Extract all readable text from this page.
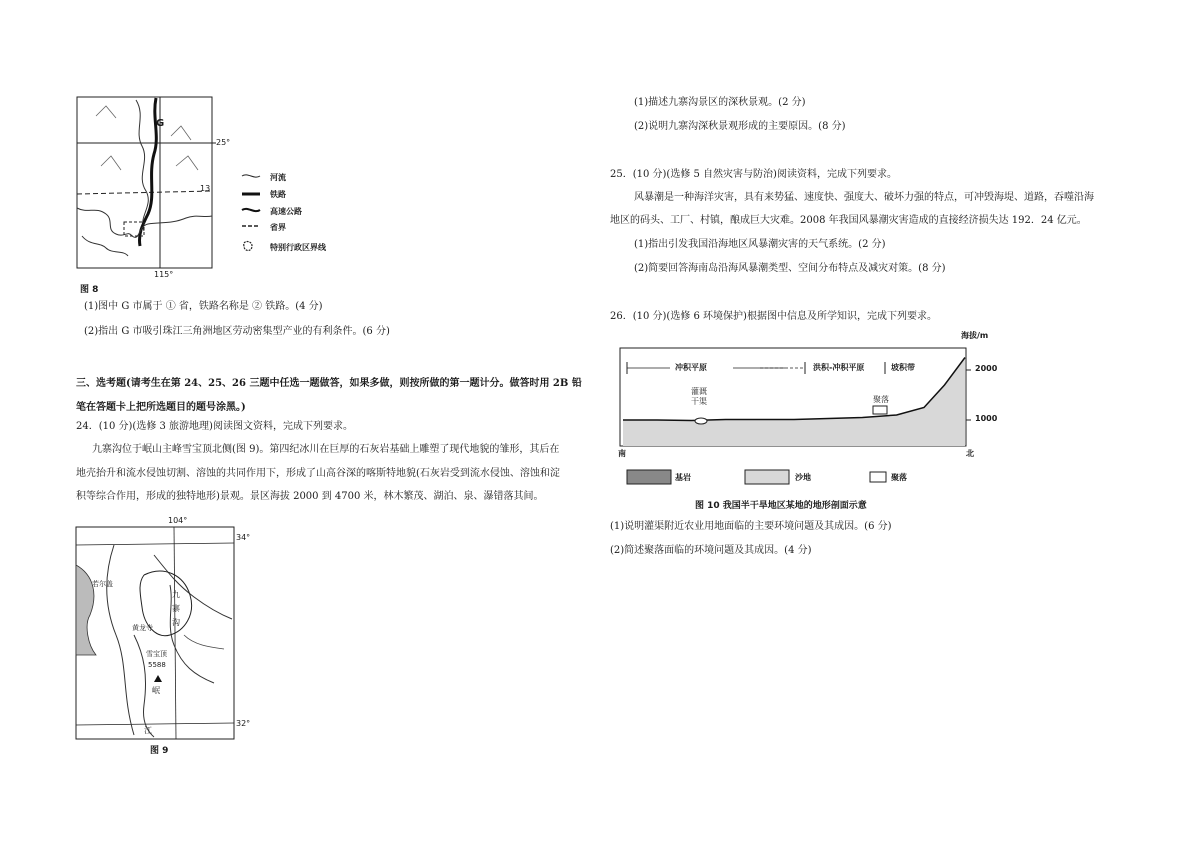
G
25°
13
115°
河流
铁路
高速公路
省界
特别行政区界线
图 8
(1)图中 G 市属于 ① 省，铁路名称是 ② 铁路。(4 分)
(2)指出 G 市吸引珠江三角洲地区劳动密集型产业的有利条件。(6 分)
三、选考题(请考生在第 24、25、26 三题中任选一题做答，如果多做，则按所做的第一题计分。做答时用 2B 铅
笔在答题卡上把所选题目的题号涂黑。)
24．(10 分)(选修 3 旅游地理)阅读图文资料，完成下列要求。
九寨沟位于岷山主峰雪宝顶北侧(图 9)。第四纪冰川在巨厚的石灰岩基础上雕塑了现代地貌的雏形，其后在
地壳抬升和流水侵蚀切割、溶蚀的共同作用下，形成了山高谷深的喀斯特地貌(石灰岩受到流水侵蚀、溶蚀和淀
积等综合作用，形成的独特地形)景观。景区海拔 2000 到 4700 米，林木繁茂、湖泊、泉、瀑错落其间。
104°
34°
32°
若尔盖
九
寨
沟
黄龙寺
雪宝顶
5588
岷
江
图 9
(1)描述九寨沟景区的深秋景观。(2 分)
(2)说明九寨沟深秋景观形成的主要原因。(8 分)
25．(10 分)(选修 5 自然灾害与防治)阅读资料，完成下列要求。
风暴潮是一种海洋灾害，具有来势猛、速度快、强度大、破坏力强的特点，可冲毁海堤、道路，吞噬沿海
地区的码头、工厂、村镇，酿成巨大灾难。2008 年我国风暴潮灾害造成的直接经济损失达 192．24 亿元。
(1)指出引发我国沿海地区风暴潮灾害的天气系统。(2 分)
(2)简要回答海南岛沿海风暴潮类型、空间分布特点及减灾对策。(8 分)
26．(10 分)(选修 6 环境保护)根据图中信息及所学知识，完成下列要求。
海拔/m
2000
1000
冲积平原	洪积-冲积平原	坡积带
灌溉
干渠	聚落
南	北
基岩	沙地	聚落
图 10 我国半干旱地区某地的地形剖面示意
(1)说明灌渠附近农业用地面临的主要环境问题及其成因。(6 分)
(2)简述聚落面临的环境问题及其成因。(4 分)
